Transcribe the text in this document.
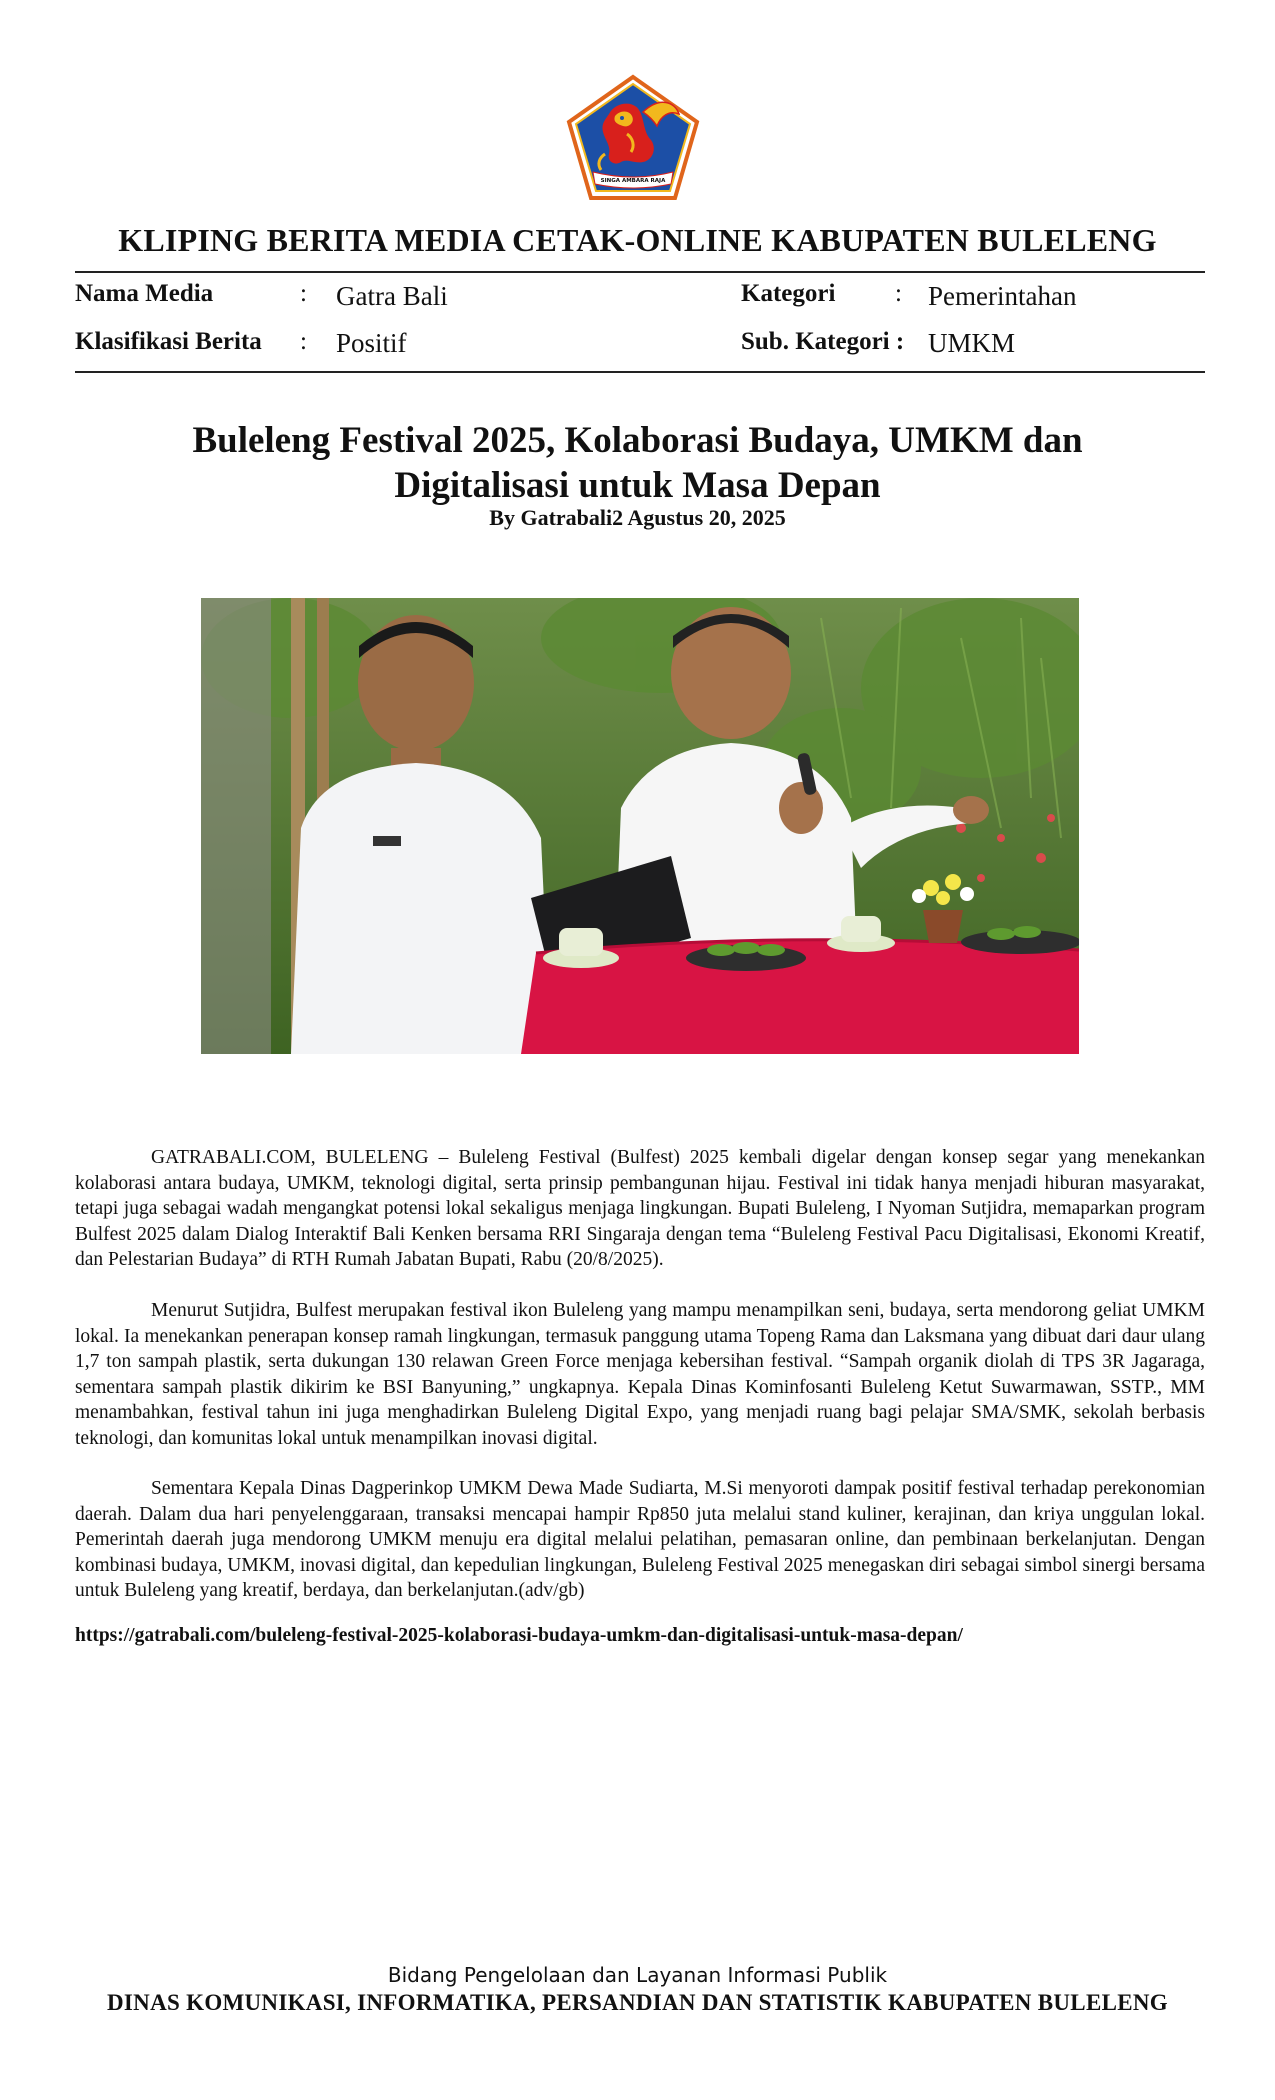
SINGA AMBARA RAJA
KLIPING BERITA MEDIA CETAK-ONLINE KABUPATEN BULELENG
Nama Media	: Gatra Bali
Klasifikasi Berita : Positif
Kategori : Pemerintahan
Sub. Kategori : UMKM
Buleleng Festival 2025, Kolaborasi Budaya, UMKM dan
Digitalisasi untuk Masa Depan
By Gatrabali2 Agustus 20, 2025
GATRABALI.COM, BULELENG – Buleleng Festival (Bulfest) 2025 kembali digelar dengan konsep segar yang menekankan kolaborasi antara budaya, UMKM, teknologi digital, serta prinsip pembangunan hijau. Festival ini tidak hanya menjadi hiburan masyarakat, tetapi juga sebagai wadah mengangkat potensi lokal sekaligus menjaga lingkungan. Bupati Buleleng, I Nyoman Sutjidra, memaparkan program Bulfest 2025 dalam Dialog Interaktif Bali Kenken bersama RRI Singaraja dengan tema “Buleleng Festival Pacu Digitalisasi, Ekonomi Kreatif, dan Pelestarian Budaya” di RTH Rumah Jabatan Bupati, Rabu (20/8/2025).
Menurut Sutjidra, Bulfest merupakan festival ikon Buleleng yang mampu menampilkan seni, budaya, serta mendorong geliat UMKM lokal. Ia menekankan penerapan konsep ramah lingkungan, termasuk panggung utama Topeng Rama dan Laksmana yang dibuat dari daur ulang 1,7 ton sampah plastik, serta dukungan 130 relawan Green Force menjaga kebersihan festival. “Sampah organik diolah di TPS 3R Jagaraga, sementara sampah plastik dikirim ke BSI Banyuning,” ungkapnya. Kepala Dinas Kominfosanti Buleleng Ketut Suwarmawan, SSTP., MM menambahkan, festival tahun ini juga menghadirkan Buleleng Digital Expo, yang menjadi ruang bagi pelajar SMA/SMK, sekolah berbasis teknologi, dan komunitas lokal untuk menampilkan inovasi digital.
Sementara Kepala Dinas Dagperinkop UMKM Dewa Made Sudiarta, M.Si menyoroti dampak positif festival terhadap perekonomian daerah. Dalam dua hari penyelenggaraan, transaksi mencapai hampir Rp850 juta melalui stand kuliner, kerajinan, dan kriya unggulan lokal. Pemerintah daerah juga mendorong UMKM menuju era digital melalui pelatihan, pemasaran online, dan pembinaan berkelanjutan. Dengan kombinasi budaya, UMKM, inovasi digital, dan kepedulian lingkungan, Buleleng Festival 2025 menegaskan diri sebagai simbol sinergi bersama untuk Buleleng yang kreatif, berdaya, dan berkelanjutan.(adv/gb)
https://gatrabali.com/buleleng-festival-2025-kolaborasi-budaya-umkm-dan-digitalisasi-untuk-masa-depan/
Bidang Pengelolaan dan Layanan Informasi Publik
DINAS KOMUNIKASI, INFORMATIKA, PERSANDIAN DAN STATISTIK KABUPATEN BULELENG
